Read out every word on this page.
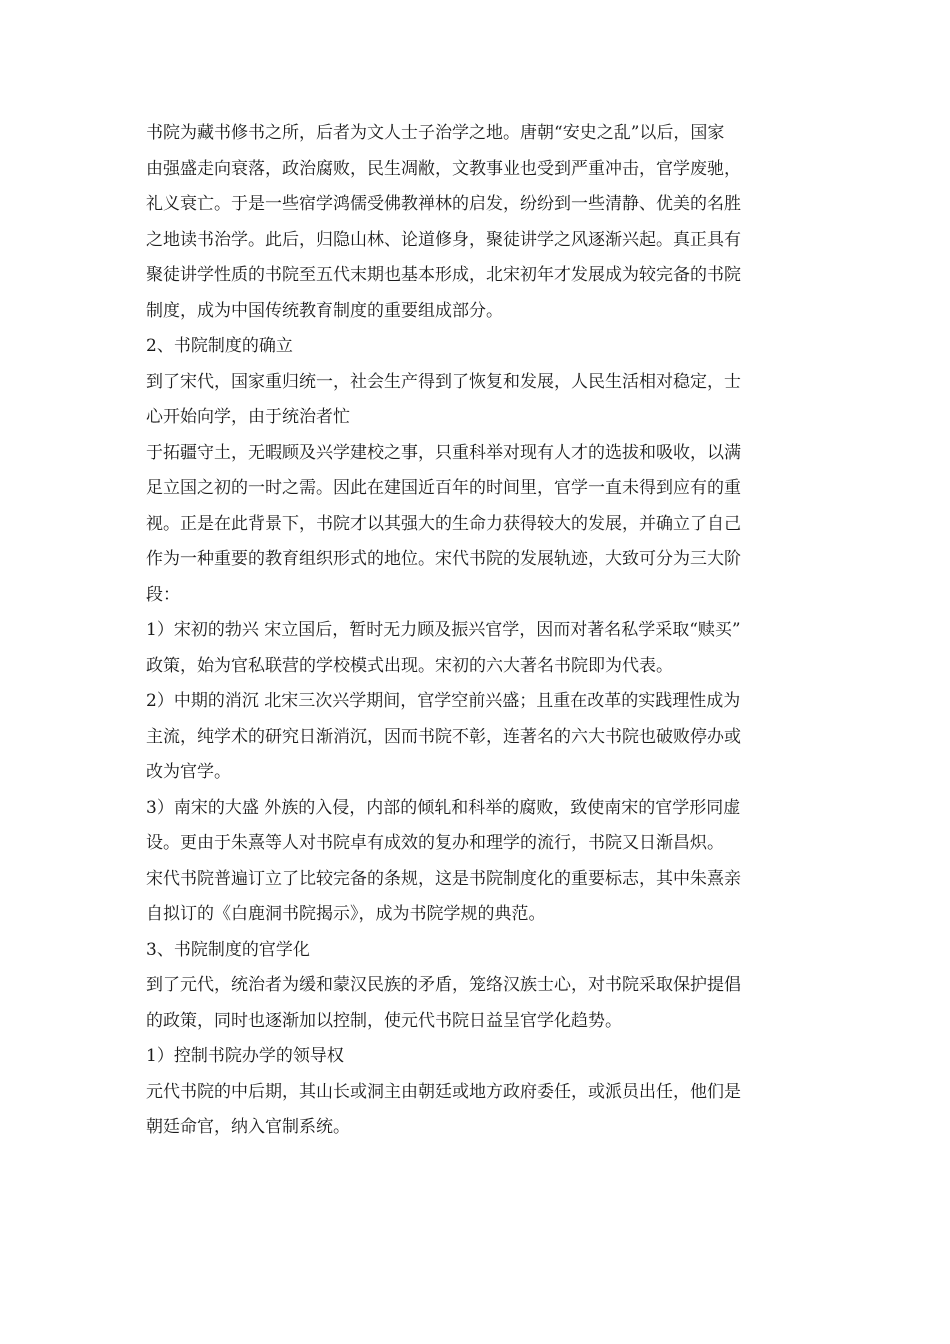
书院为藏书修书之所，后者为文人士子治学之地。唐朝“安史之乱”以后，国家
由强盛走向衰落，政治腐败，民生凋敝，文教事业也受到严重冲击，官学废驰，
礼义衰亡。于是一些宿学鸿儒受佛教禅林的启发，纷纷到一些清静、优美的名胜
之地读书治学。此后，归隐山林、论道修身，聚徒讲学之风逐渐兴起。真正具有
聚徒讲学性质的书院至五代末期也基本形成，北宋初年才发展成为较完备的书院
制度，成为中国传统教育制度的重要组成部分。
2、书院制度的确立
到了宋代，国家重归统一，社会生产得到了恢复和发展，人民生活相对稳定，士
心开始向学，由于统治者忙
于拓疆守土，无暇顾及兴学建校之事，只重科举对现有人才的选拔和吸收，以满
足立国之初的一时之需。因此在建国近百年的时间里，官学一直未得到应有的重
视。正是在此背景下，书院才以其强大的生命力获得较大的发展，并确立了自己
作为一种重要的教育组织形式的地位。宋代书院的发展轨迹，大致可分为三大阶
段：
1）宋初的勃兴 宋立国后，暂时无力顾及振兴官学，因而对著名私学采取“赎买”
政策，始为官私联营的学校模式出现。宋初的六大著名书院即为代表。
2）中期的消沉 北宋三次兴学期间，官学空前兴盛；且重在改革的实践理性成为
主流，纯学术的研究日渐消沉，因而书院不彰，连著名的六大书院也破败停办或
改为官学。
3）南宋的大盛 外族的入侵，内部的倾轧和科举的腐败，致使南宋的官学形同虚
设。更由于朱熹等人对书院卓有成效的复办和理学的流行，书院又日渐昌炽。
宋代书院普遍订立了比较完备的条规，这是书院制度化的重要标志，其中朱熹亲
自拟订的《白鹿洞书院揭示》，成为书院学规的典范。
3、书院制度的官学化
到了元代，统治者为缓和蒙汉民族的矛盾，笼络汉族士心，对书院采取保护提倡
的政策，同时也逐渐加以控制，使元代书院日益呈官学化趋势。
1）控制书院办学的领导权
元代书院的中后期，其山长或洞主由朝廷或地方政府委任，或派员出任，他们是
朝廷命官，纳入官制系统。
